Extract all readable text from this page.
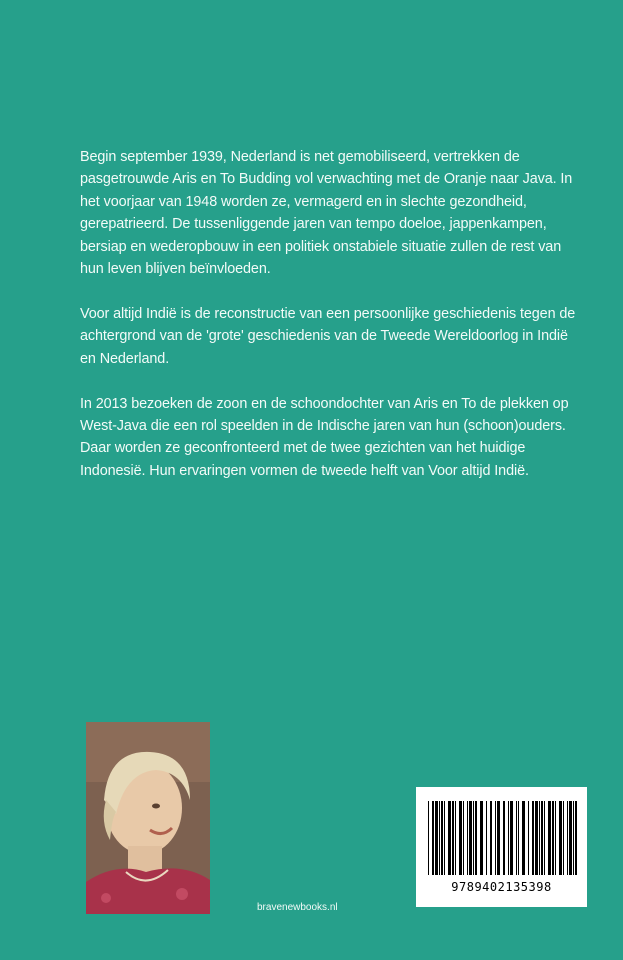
Begin september 1939, Nederland is net gemobiliseerd, vertrekken de pasgetrouwde Aris en To Budding vol verwachting met de Oranje naar Java. In het voorjaar van 1948 worden ze, vermagerd en in slechte gezondheid, gerepatrieerd. De tussenliggende jaren van tempo doeloe, jappenkampen, bersiap en wederopbouw in een politiek onstabiele situatie zullen de rest van hun leven blijven beïnvloeden.

Voor altijd Indië is de reconstructie van een persoonlijke geschiedenis tegen de achtergrond van de 'grote' geschiedenis van de Tweede Wereldoorlog in Indië en Nederland.

In 2013 bezoeken de zoon en de schoondochter van Aris en To de plekken op West-Java die een rol speelden in de Indische jaren van hun (schoon)ouders. Daar worden ze geconfronteerd met de twee gezichten van het huidige Indonesië. Hun ervaringen vormen de tweede helft van Voor altijd Indië.

bravenewbooks.nl
9789402135398
